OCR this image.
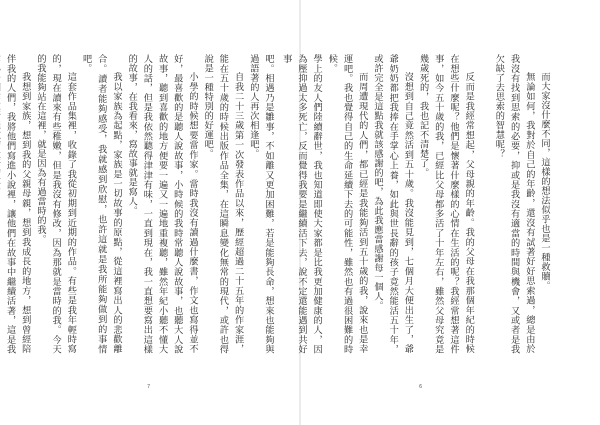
吧。相遇乃是雛事，不如離又更加困難，若是能夠長命，想來也能夠與過語著的人再次相逢吧。

自我二十三歲第一次發表作品以來，歷經超過二十五年的作家涯，能在五十歲的時候出版作品全集，在這瞬息變化無常的現代，或許也得說是一種特別的好運吧。

小學的時候想要當作家。當時我沒有讀過什麼書，作文也寫得並不好，最喜歡的是聽人說故事，小時候的我時常聽人說故事，也聽大人說故事，聽到喜歡的地方便要一遍又一遍地重複聽，雖然年紀小聽不懂大人的話，但是我依然聽得津津有味，一直到現在，我一直想要寫出這樣的故事，在我看來，寫故事就是寫人。

我以家族為起點，家族是一切故事的原點，從這裡寫出人的悲歡離合。讀者能夠感受，我就感到欣慰，也許這就是我所能夠做到的事情吧。

這套作品集裡，收錄了我從初期到近期的作品。有些是我年輕時寫的，現在讀來有些稚嫩，但是我沒有修改，因為那就是當時的我。今天的我能夠站在這裡，就是因為有過當時的我。

我想到家族，想到我的父親母親，想到我成長的地方，想到曾經陪伴我的人們，我將他們寫進小說裡，讓他們在故事中繼續活著，這是我

7

而大家沒什麼不同，這樣的想法似乎也是一種救贖。

無論如何，我對於自己的年齡，還沒有試著好好思索過，總是由於我沒有找到思索的必要，抑或是我沒有適當的時間與機會，又或者是我欠缺了去思索的智慧呢？

反而是我經常想起，父母親的年齡。我的父母在我那個年紀的時候在想些什麼呢？他們是懷著什麼樣的心情在生活的呢？我經常想著這件事，如今五十歲的我，已經比父母都多活了十年左右，雖然父母究竟是幾歲死的，我也記不清楚了。

沒想到自己竟然活到五十歲。我沒能見到，七個月大便出生了，爺爺奶奶都把我捧在手掌心上養，如此與世長辭的孩子竟然能活五十年，或許完全是這點我就該感謝的吧，為此我應當感謝每一個人。

而周遭現代的人們，都已經是我能夠活到五十歲的我，說來也是幸運吧。我也覺得自己的生命延續下去的可能性，雖然也有過很困難的時候。

學上的友人們陸續辭世，我也知道即使大家都是比我更加健康的人，因為壓抑過太多死亡，反而覺得我要是繼續活下去，說不定還能遇到共好事

6
